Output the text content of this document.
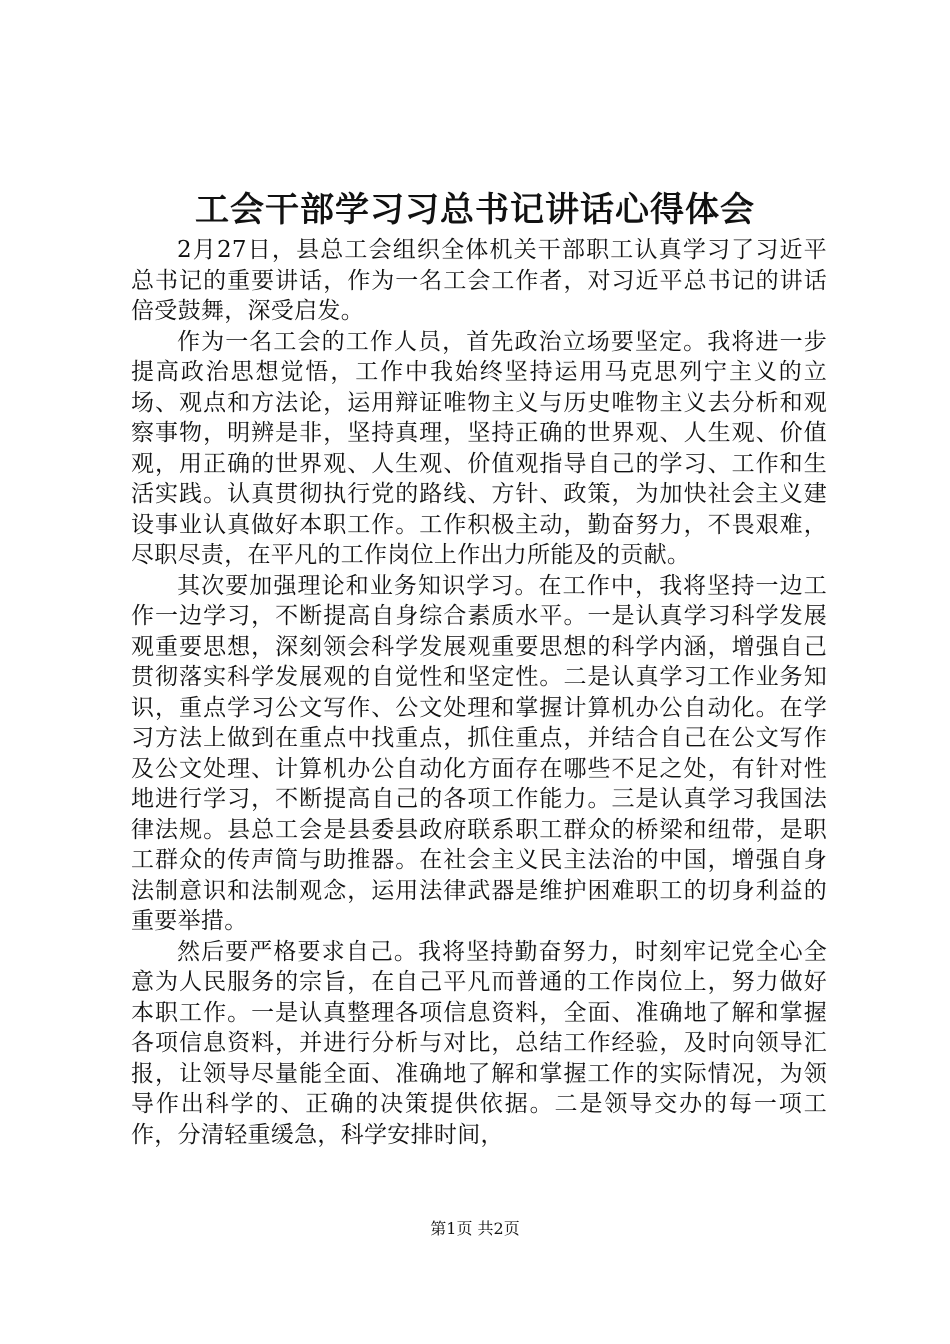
工会干部学习习总书记讲话心得体会

2月27日，县总工会组织全体机关干部职工认真学习了习近平总书记的重要讲话，作为一名工会工作者，对习近平总书记的讲话倍受鼓舞，深受启发。

作为一名工会的工作人员，首先政治立场要坚定。我将进一步提高政治思想觉悟，工作中我始终坚持运用马克思列宁主义的立场、观点和方法论，运用辩证唯物主义与历史唯物主义去分析和观察事物，明辨是非，坚持真理，坚持正确的世界观、人生观、价值观，用正确的世界观、人生观、价值观指导自己的学习、工作和生活实践。认真贯彻执行党的路线、方针、政策，为加快社会主义建设事业认真做好本职工作。工作积极主动，勤奋努力，不畏艰难，尽职尽责，在平凡的工作岗位上作出力所能及的贡献。

其次要加强理论和业务知识学习。在工作中，我将坚持一边工作一边学习，不断提高自身综合素质水平。一是认真学习科学发展观重要思想，深刻领会科学发展观重要思想的科学内涵，增强自己贯彻落实科学发展观的自觉性和坚定性。二是认真学习工作业务知识，重点学习公文写作、公文处理和掌握计算机办公自动化。在学习方法上做到在重点中找重点，抓住重点，并结合自己在公文写作及公文处理、计算机办公自动化方面存在哪些不足之处，有针对性地进行学习，不断提高自己的各项工作能力。三是认真学习我国法律法规。县总工会是县委县政府联系职工群众的桥梁和纽带，是职工群众的传声筒与助推器。在社会主义民主法治的中国，增强自身法制意识和法制观念，运用法律武器是维护困难职工的切身利益的重要举措。

然后要严格要求自己。我将坚持勤奋努力，时刻牢记党全心全意为人民服务的宗旨，在自己平凡而普通的工作岗位上，努力做好本职工作。一是认真整理各项信息资料，全面、准确地了解和掌握各项信息资料，并进行分析与对比，总结工作经验，及时向领导汇报，让领导尽量能全面、准确地了解和掌握工作的实际情况，为领导作出科学的、正确的决策提供依据。二是领导交办的每一项工作，分清轻重缓急，科学安排时间，

第1页 共2页
